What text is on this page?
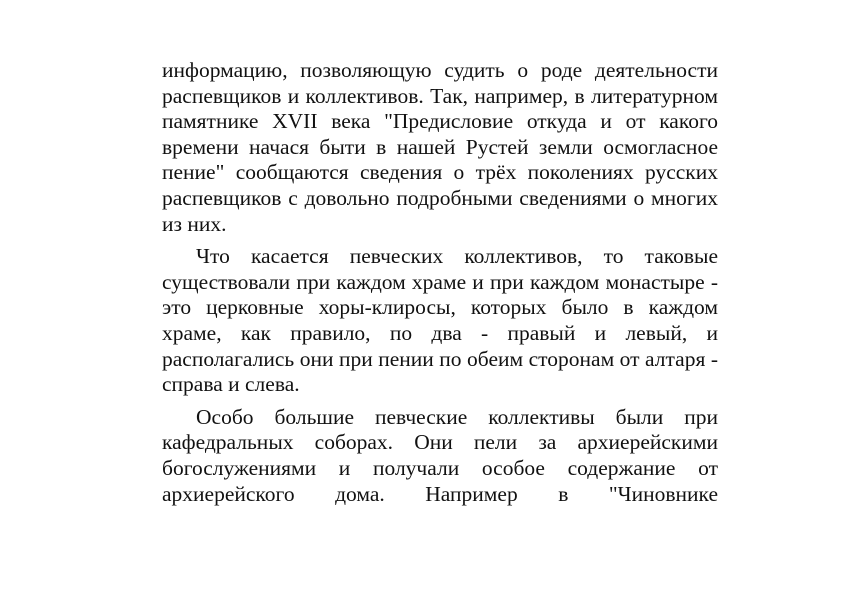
информацию, позволяющую судить о роде деятельности распевщиков и коллективов. Так, например, в литературном памятнике XVII века "Предисловие откуда и от какого времени начася быти в нашей Рустей земли осмогласное пение" сообщаются сведения о трёх поколениях русских распевщиков с довольно подробными сведениями о многих из них.

Что касается певческих коллективов, то таковые существовали при каждом храме и при каждом монастыре - это церковные хоры-клиросы, которых было в каждом храме, как правило, по два - правый и левый, и располагались они при пении по обеим сторонам от алтаря - справа и слева.

Особо большие певческие коллективы были при кафедральных соборах. Они пели за архиерейскими богослужениями и получали особое содержание от архиерейского дома. Например в "Чиновнике
